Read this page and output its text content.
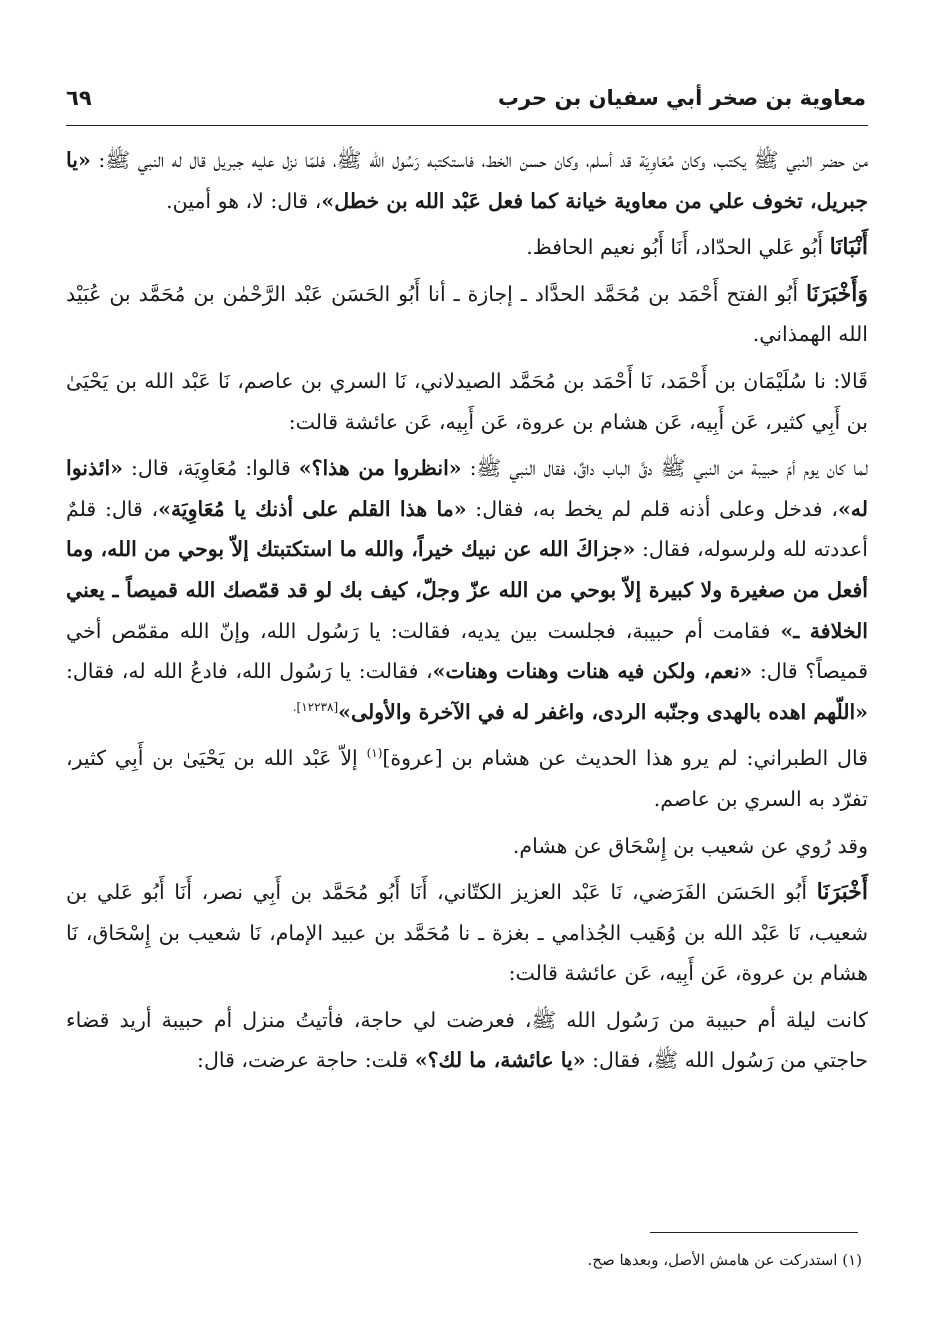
معاوية بن صخر أبي سفيان بن حرب
٦٩

من حضر النبي ﷺ يكتب، وكان مُعَاوِيَة قد أسلم، وكان حسن الخط، فاستكتبه رَسُول الله ﷺ، فلمّا نزل عليه جبريل قال له النبي ﷺ: «يا جبريل، تخوف علي من معاوية خيانة كما فعل عَبْد الله بن خطل»، قال: لا، هو أمين.

أَنْبَانَا أَبُو عَلي الحدّاد، أَنَا أَبُو نعيم الحافظ.

وَأَخْبَرَنَا أَبُو الفتح أَحْمَد بن مُحَمَّد الحدَّاد ـ إجازة ـ أنا أَبُو الحَسَن عَبْد الرَّحْمٰن بن مُحَمَّد بن عُبَيْد الله الهمذاني.

قَالا: نا سُلَيْمَان بن أَحْمَد، نَا أَحْمَد بن مُحَمَّد الصيدلاني، نَا السري بن عاصم، نَا عَبْد الله بن يَحْيَىٰ بن أَبِي كثير، عَن أَبِيه، عَن هشام بن عروة، عَن أَبِيه، عَن عائشة قالت:

لما كان يوم أمّ حبيبة من النبي ﷺ دقَّ الباب داقٌ، فقال النبي ﷺ: «انظروا من هذا؟» قالوا: مُعَاوِيَة، قال: «ائذنوا له»، فدخل وعلى أذنه قلم لم يخط به، فقال: «ما هذا القلم على أذنك يا مُعَاوِيَة»، قال: قلمٌ أعددته لله ولرسوله، فقال: «جزاكَ الله عن نبيك خيراً، والله ما استكتبتك إلاّ بوحي من الله، وما أفعل من صغيرة ولا كبيرة إلاّ بوحي من الله عزّ وجلّ، كيف بك لو قد قمّصك الله قميصاً ـ يعني الخلافة ـ» فقامت أم حبيبة، فجلست بين يديه، فقالت: يا رَسُول الله، وإنّ الله مقمّص أخي قميصاً؟ قال: «نعم، ولكن فيه هنات وهنات وهنات»، فقالت: يا رَسُول الله، فادعُ الله له، فقال: «اللّهم اهده بالهدى وجنّبه الردى، واغفر له في الآخرة والأولى»$^{[١٢٢٣٨].}$

قال الطبراني: لم يرو هذا الحديث عن هشام بن [عروة]$^{(١)}$ إلاّ عَبْد الله بن يَحْيَىٰ بن أَبِي كثير، تفرّد به السري بن عاصم.

وقد رُوي عن شعيب بن إِسْحَاق عن هشام.

أَخْبَرَنَا أَبُو الحَسَن الفَرَضي، نَا عَبْد العزيز الكتّاني، أَنَا أَبُو مُحَمَّد بن أَبِي نصر، أَنَا أَبُو عَلي بن شعيب، نَا عَبْد الله بن وُهَيب الجُذامي ـ بغزة ـ نا مُحَمَّد بن عبيد الإمام، نَا شعيب بن إِسْحَاق، نَا هشام بن عروة، عَن أَبِيه، عَن عائشة قالت:

كانت ليلة أم حبيبة من رَسُول الله ﷺ، فعرضت لي حاجة، فأتيتُ منزل أم حبيبة أريد قضاء حاجتي من رَسُول الله ﷺ، فقال: «يا عائشة، ما لك؟» قلت: حاجة عرضت، قال:

(١) استدركت عن هامش الأصل، وبعدها صح.
